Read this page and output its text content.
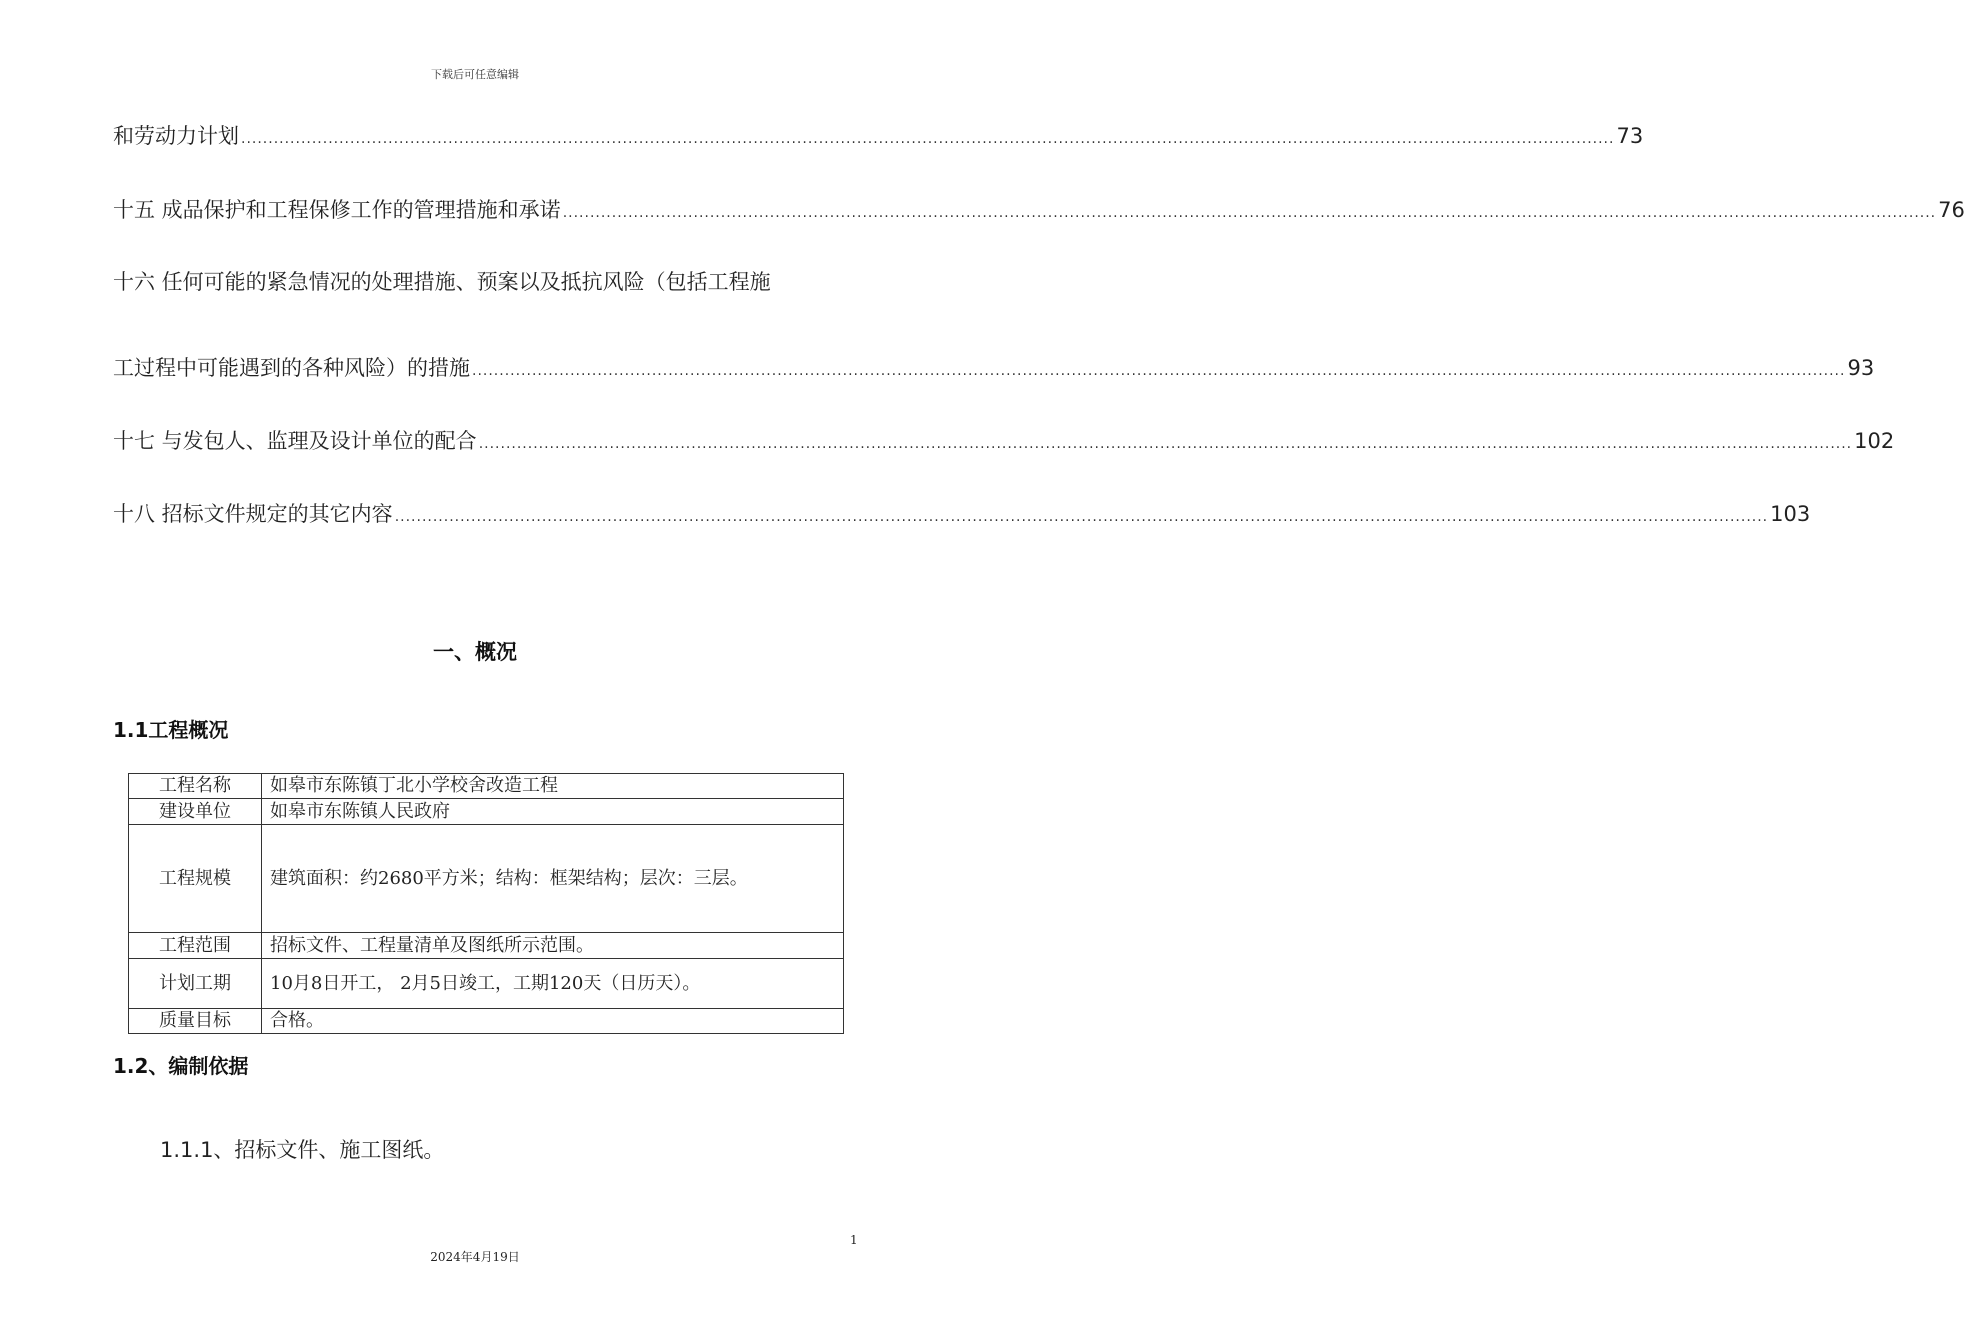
下载后可任意编辑
和劳动力计划 ............................................................................................................................................................................................................................................................ 73
十五 成品保护和工程保修工作的管理措施和承诺 ............................................................................................................................................................................................................................................................ 76
十六 任何可能的紧急情况的处理措施、预案以及抵抗风险（包括工程施
工过程中可能遇到的各种风险）的措施 ............................................................................................................................................................................................................................................................ 93
十七 与发包人、监理及设计单位的配合 ............................................................................................................................................................................................................................................................ 102
十八 招标文件规定的其它内容 ............................................................................................................................................................................................................................................................ 103
一、概况
1.1工程概况
工程名称	如皋市东陈镇丁北小学校舍改造工程
建设单位	如皋市东陈镇人民政府
工程规模	建筑面积：约2680平方米；结构：框架结构；层次：三层。
工程范围	招标文件、工程量清单及图纸所示范围。
计划工期	10月8日开工， 2月5日竣工，工期120天（日历天）。
质量目标	合格。
1.2、编制依据
1.1.1、招标文件、施工图纸。
1
2024年4月19日
